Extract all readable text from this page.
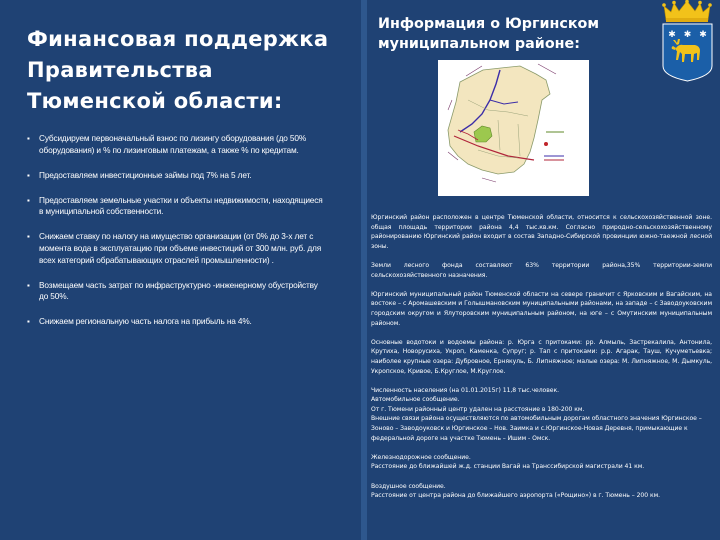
Финансовая поддержка
Правительства
Тюменской области:
▪ Субсидируем первоначальный взнос по лизингу оборудования (до 50% оборудования) и % по лизинговым платежам, а также % по кредитам.
▪ Предоставляем инвестиционные займы под 7% на 5 лет.
▪ Предоставляем земельные участки и объекты недвижимости, находящиеся в муниципальной собственности.
▪ Снижаем ставку по налогу на имущество организации (от 0% до 3-х лет с момента вода в эксплуатацию при объеме инвестиций от 300 млн. руб. для всех категорий обрабатывающих отраслей промышленности) .
▪ Возмещаем часть затрат по инфраструктурно -инженерному обустройству до 50%.
▪ Снижаем региональную часть налога на прибыль на 4%.
Информация о Юргинском
муниципальном районе:
✱ ✱ ✱

Юргинский район расположен в центре Тюменской области, относится к сельскохозяйственной зоне. общая площадь территории района 4,4 тыс.кв.км. Согласно природно-сельскохозяйственному районированию Юргинский район входит в состав Западно-Сибирской провинции южно-таежной лесной зоны.

Земли лесного фонда составляют 63% территории района,35% территории-земли сельскохозяйственного назначения.

Юргинский муниципальный район Тюменской области на севере граничит с Ярковским и Вагайским, на востоке – с Аромашевским и Голышмановским муниципальными районами, на западе – с Заводоуковским городским округом и Ялуторовским муниципальным районом, на юге – с Омутинским муниципальным районом.

Основные водотоки и водоемы района: р. Юрга с притоками: рр. Алмыль, Застрекалила, Антонила, Крутиха, Новорусиха, Укроп, Каменка, Супруг; р. Тап с притоками: р.р. Агарак, Тауш, Кучуметьевка; наиболее крупные озера: Дубровное, Ернякуль, Б. Липняжное; малые озера: М. Липняжное, М. Дымкуль, Укропское, Кривое, Б.Круглое, М.Круглое.

Численность населения (на 01.01.2015г) 11,8 тыс.человек.
Автомобильное сообщение.
От г. Тюмени районный центр удален на расстояние в 180-200 км.
Внешние связи района осуществляются по автомобильным дорогам областного значения Юргинское – Зоново – Заводоуковск и Юргинское – Нов. Заимка и с.Юргинское-Новая Деревня, примыкающие к федеральной дороге на участке Тюмень – Ишим - Омск.

Железнодорожное сообщение.
Расстояние до ближайшей ж.д. станции Вагай на Транссибирской магистрали 41 км.

Воздушное сообщение.
Расстояние от центра района до ближайшего аэропорта («Рощино») в г. Тюмень – 200 км.
